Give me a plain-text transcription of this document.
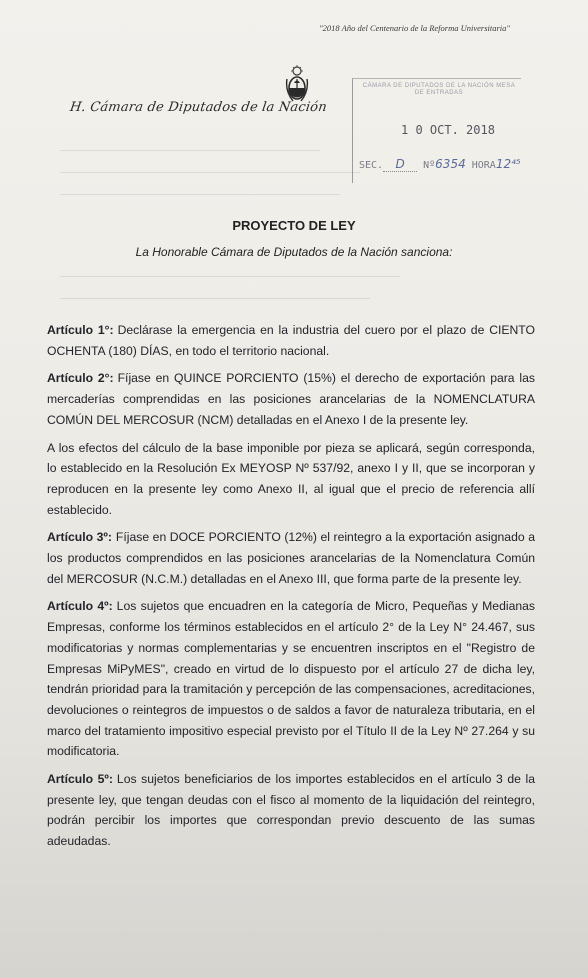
"2018 Año del Centenario de la Reforma Universitaria"
H. Cámara de Diputados de la Nación
CÁMARA DE DIPUTADOS DE LA NACIÓN MESA DE ENTRADAS
1 0 OCT. 2018
SEC. D Nº6354 HORA12⁴⁵
PROYECTO DE LEY
La Honorable Cámara de Diputados de la Nación sanciona:

Artículo 1°: Declárase la emergencia en la industria del cuero por el plazo de CIENTO OCHENTA (180) DÍAS, en todo el territorio nacional.

Artículo 2°: Fíjase en QUINCE PORCIENTO (15%) el derecho de exportación para las mercaderías comprendidas en las posiciones arancelarias de la NOMENCLATURA COMÚN DEL MERCOSUR (NCM) detalladas en el Anexo I de la presente ley.

A los efectos del cálculo de la base imponible por pieza se aplicará, según corresponda, lo establecido en la Resolución Ex MEYOSP Nº 537/92, anexo I y II, que se incorporan y reproducen en la presente ley como Anexo II, al igual que el precio de referencia allí establecido.

Artículo 3º: Fíjase en DOCE PORCIENTO (12%) el reintegro a la exportación asignado a los productos comprendidos en las posiciones arancelarias de la Nomenclatura Común del MERCOSUR (N.C.M.) detalladas en el Anexo III, que forma parte de la presente ley.

Artículo 4º: Los sujetos que encuadren en la categoría de Micro, Pequeñas y Medianas Empresas, conforme los términos establecidos en el artículo 2° de la Ley N° 24.467, sus modificatorias y normas complementarias y se encuentren inscriptos en el "Registro de Empresas MiPyMES", creado en virtud de lo dispuesto por el artículo 27 de dicha ley, tendrán prioridad para la tramitación y percepción de las compensaciones, acreditaciones, devoluciones o reintegros de impuestos o de saldos a favor de naturaleza tributaria, en el marco del tratamiento impositivo especial previsto por el Título II de la Ley Nº 27.264 y su modificatoria.

Artículo 5º: Los sujetos beneficiarios de los importes establecidos en el artículo 3 de la presente ley, que tengan deudas con el fisco al momento de la liquidación del reintegro, podrán percibir los importes que correspondan previo descuento de las sumas adeudadas.
